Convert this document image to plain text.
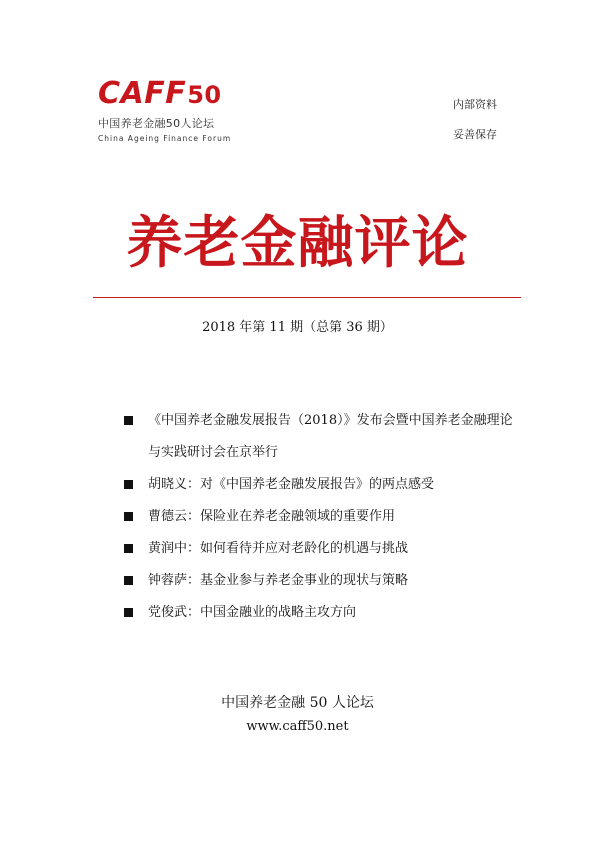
CAFF50
中国养老金融50人论坛
China Ageing Finance Forum
内部资料
妥善保存
养老金融评论
2018 年第 11 期（总第 36 期）
《中国养老金融发展报告（2018）》发布会暨中国养老金融理论与实践研讨会在京举行
胡晓义：对《中国养老金融发展报告》的两点感受
曹德云：保险业在养老金融领域的重要作用
黄润中：如何看待并应对老龄化的机遇与挑战
钟蓉萨：基金业参与养老金事业的现状与策略
党俊武：中国金融业的战略主攻方向
中国养老金融 50 人论坛
www.caff50.net
